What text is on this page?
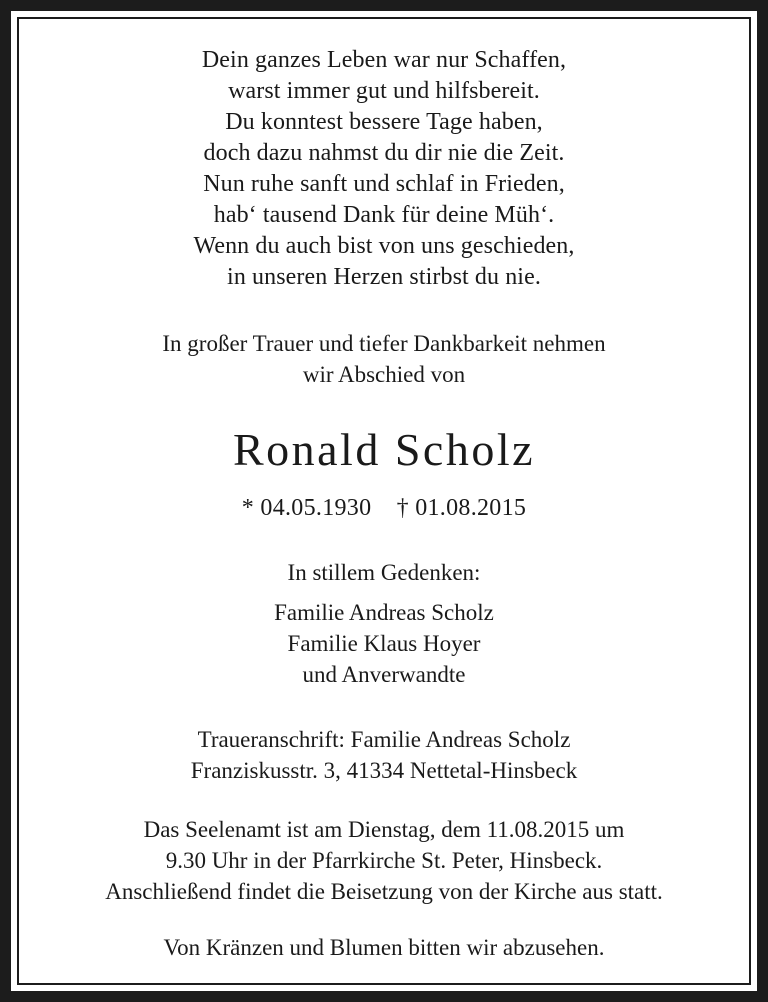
Dein ganzes Leben war nur Schaffen,
warst immer gut und hilfsbereit.
Du konntest bessere Tage haben,
doch dazu nahmst du dir nie die Zeit.
Nun ruhe sanft und schlaf in Frieden,
hab‘ tausend Dank für deine Müh‘.
Wenn du auch bist von uns geschieden,
in unseren Herzen stirbst du nie.
In großer Trauer und tiefer Dankbarkeit nehmen
wir Abschied von
Ronald Scholz
* 04.05.1930    † 01.08.2015
In stillem Gedenken:
Familie Andreas Scholz
Familie Klaus Hoyer
und Anverwandte
Traueranschrift: Familie Andreas Scholz
Franziskusstr. 3, 41334 Nettetal-Hinsbeck
Das Seelenamt ist am Dienstag, dem 11.08.2015 um
9.30 Uhr in der Pfarrkirche St. Peter, Hinsbeck.
Anschließend findet die Beisetzung von der Kirche aus statt.
Von Kränzen und Blumen bitten wir abzusehen.
